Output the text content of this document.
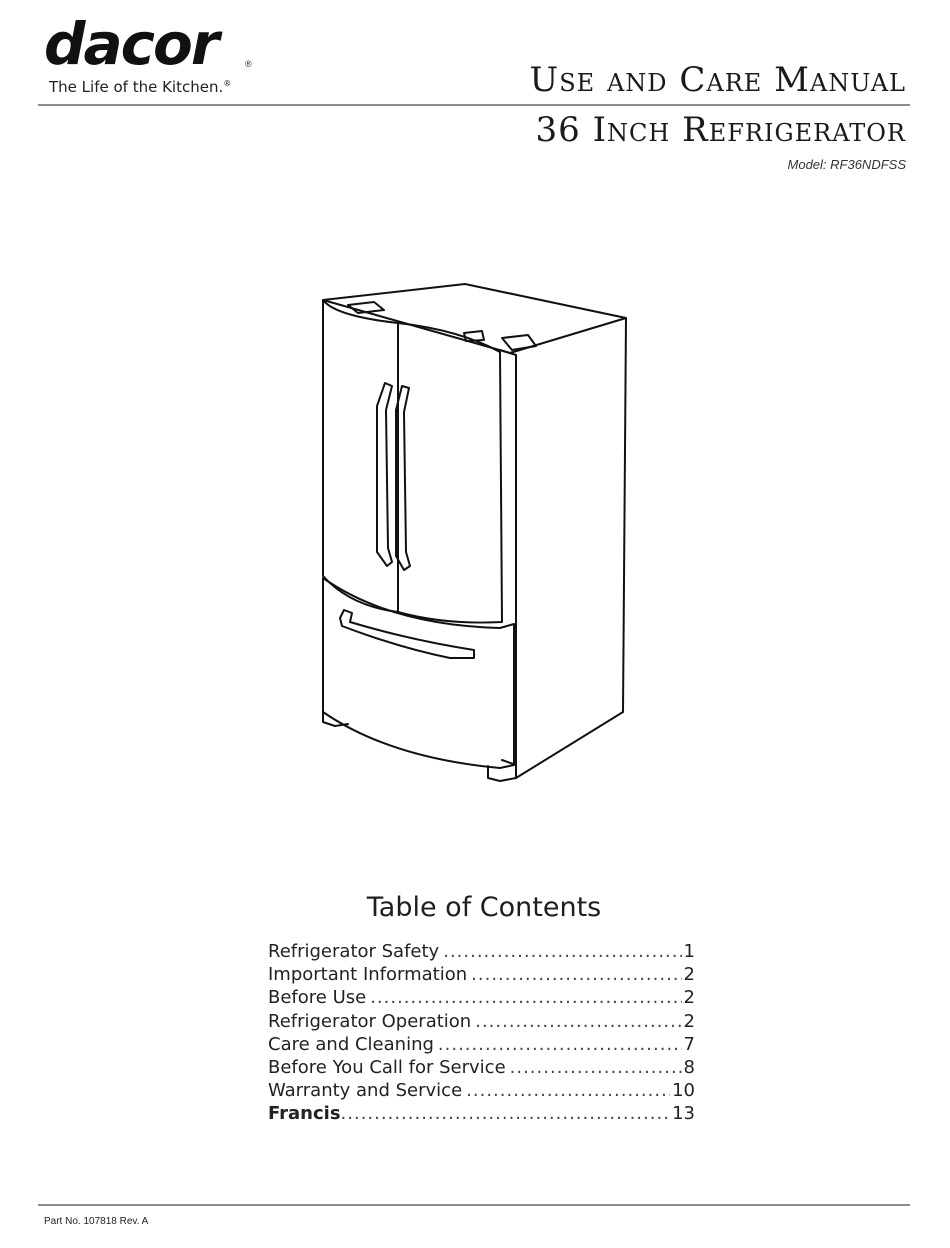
dacor	®
The Life of the Kitchen.®	Use and Care Manual
36 Inch Refrigerator
Model: RF36NDFSS
Table of Contents
Refrigerator Safety .....	1
Important Information .....	2
Before Use .....	2
Refrigerator Operation .....	2
Care and Cleaning .....	7
Before You Call for Service .....	8
Warranty and Service .....	10
Francis .....	13
Part No. 107818 Rev. A
